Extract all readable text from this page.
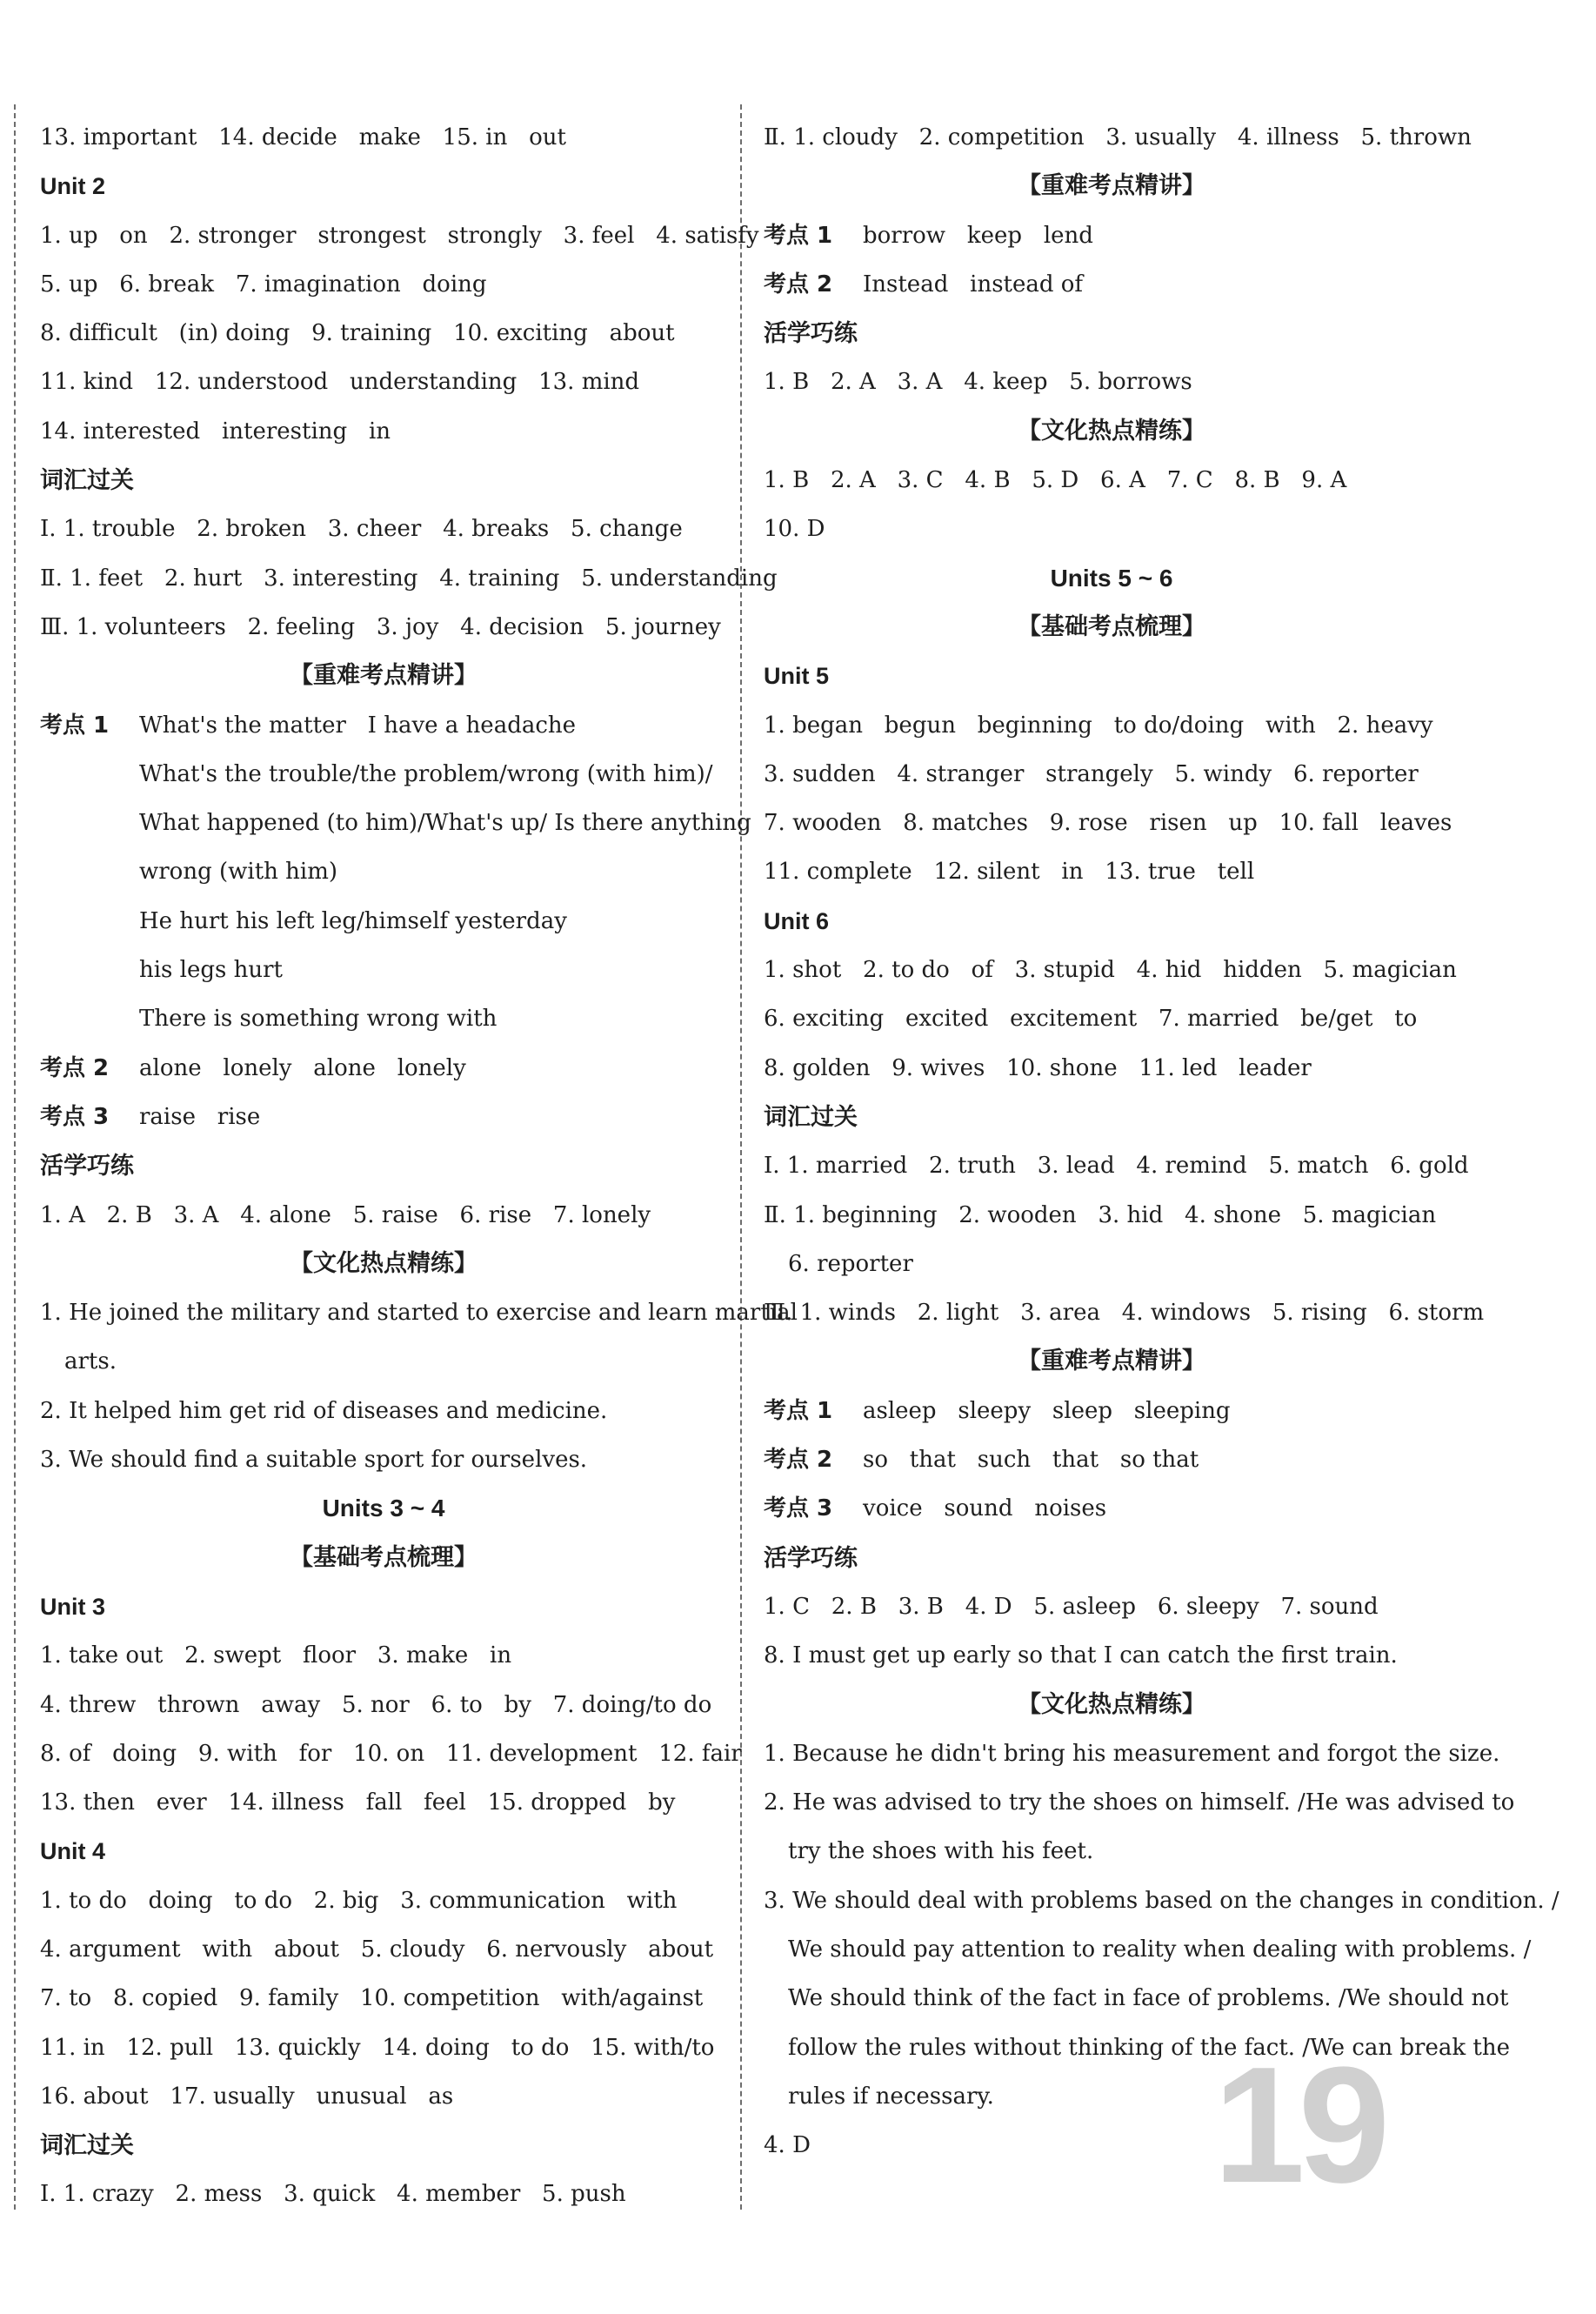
13. important   14. decide   make   15. in   out
Unit 2
1. up   on   2. stronger   strongest   strongly   3. feel   4. satisfy
5. up   6. break   7. imagination   doing
8. difficult   (in) doing   9. training   10. exciting   about
11. kind   12. understood   understanding   13. mind
14. interested   interesting   in
词汇过关
Ⅰ. 1. trouble   2. broken   3. cheer   4. breaks   5. change
Ⅱ. 1. feet   2. hurt   3. interesting   4. training   5. understanding
Ⅲ. 1. volunteers   2. feeling   3. joy   4. decision   5. journey
【重难考点精讲】
考点 1 What's the matter   I have a headache
What's the trouble/the problem/wrong (with him)/
What happened (to him)/What's up/ Is there anything
wrong (with him)
He hurt his left leg/himself yesterday
his legs hurt
There is something wrong with
考点 2 alone   lonely   alone   lonely
考点 3 raise   rise
活学巧练
1. A   2. B   3. A   4. alone   5. raise   6. rise   7. lonely
【文化热点精练】
1. He joined the military and started to exercise and learn martial
arts.
2. It helped him get rid of diseases and medicine.
3. We should find a suitable sport for ourselves.
Units 3 ~ 4
【基础考点梳理】
Unit 3
1. take out   2. swept   floor   3. make   in
4. threw   thrown   away   5. nor   6. to   by   7. doing/to do
8. of   doing   9. with   for   10. on   11. development   12. fair
13. then   ever   14. illness   fall   feel   15. dropped   by
Unit 4
1. to do   doing   to do   2. big   3. communication   with
4. argument   with   about   5. cloudy   6. nervously   about
7. to   8. copied   9. family   10. competition   with/against
11. in   12. pull   13. quickly   14. doing   to do   15. with/to
16. about   17. usually   unusual   as
词汇过关
Ⅰ. 1. crazy   2. mess   3. quick   4. member   5. push
Ⅱ. 1. cloudy   2. competition   3. usually   4. illness   5. thrown
【重难考点精讲】
考点 1 borrow   keep   lend
考点 2 Instead   instead of
活学巧练
1. B   2. A   3. A   4. keep   5. borrows
【文化热点精练】
1. B   2. A   3. C   4. B   5. D   6. A   7. C   8. B   9. A
10. D
Units 5 ~ 6
【基础考点梳理】
Unit 5
1. began   begun   beginning   to do/doing   with   2. heavy
3. sudden   4. stranger   strangely   5. windy   6. reporter
7. wooden   8. matches   9. rose   risen   up   10. fall   leaves
11. complete   12. silent   in   13. true   tell
Unit 6
1. shot   2. to do   of   3. stupid   4. hid   hidden   5. magician
6. exciting   excited   excitement   7. married   be/get   to
8. golden   9. wives   10. shone   11. led   leader
词汇过关
Ⅰ. 1. married   2. truth   3. lead   4. remind   5. match   6. gold
Ⅱ. 1. beginning   2. wooden   3. hid   4. shone   5. magician
6. reporter
Ⅲ. 1. winds   2. light   3. area   4. windows   5. rising   6. storm
【重难考点精讲】
考点 1 asleep   sleepy   sleep   sleeping
考点 2 so   that   such   that   so that
考点 3 voice   sound   noises
活学巧练
1. C   2. B   3. B   4. D   5. asleep   6. sleepy   7. sound
8. I must get up early so that I can catch the first train.
【文化热点精练】
1. Because he didn't bring his measurement and forgot the size.
2. He was advised to try the shoes on himself. /He was advised to
try the shoes with his feet.
3. We should deal with problems based on the changes in condition. /
We should pay attention to reality when dealing with problems. /
We should think of the fact in face of problems. /We should not
follow the rules without thinking of the fact. /We can break the
rules if necessary.
4. D	19
